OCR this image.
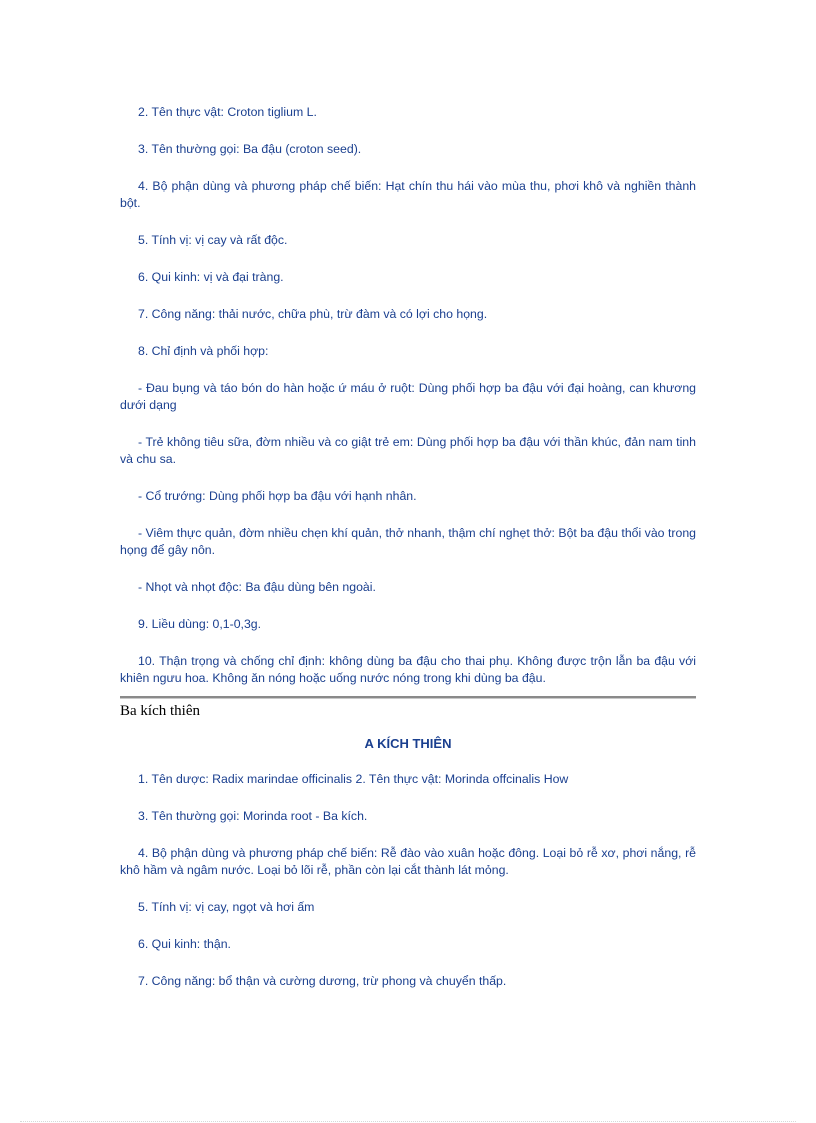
2. Tên thực vật: Croton tiglium L.

3. Tên thường gọi: Ba đậu (croton seed).

4. Bộ phận dùng và phương pháp chế biến: Hạt chín thu hái vào mùa thu, phơi khô và nghiền thành bột.

5. Tính vị: vị cay và rất độc.

6. Qui kinh: vị và đại tràng.

7. Công năng: thải nước, chữa phù, trừ đàm và có lợi cho họng.

8. Chỉ định và phối hợp:

- Đau bụng và táo bón do hàn hoặc ứ máu ở ruột: Dùng phối hợp ba đậu với đại hoàng, can khương dưới dạng

- Trẻ không tiêu sữa, đờm nhiều và co giật trẻ em: Dùng phối hợp ba đậu với thần khúc, đản nam tinh và chu sa.

- Cổ trướng: Dùng phối hợp ba đậu với hạnh nhân.

- Viêm thực quản, đờm nhiều chẹn khí quản, thở nhanh, thậm chí nghẹt thở: Bột ba đậu thổi vào trong họng để gây nôn.

- Nhọt và nhọt độc: Ba đậu dùng bên ngoài.

9. Liều dùng: 0,1-0,3g.

10. Thận trọng và chống chỉ định: không dùng ba đậu cho thai phụ. Không được trộn lẫn ba đậu với khiên ngưu hoa. Không ăn nóng hoặc uống nước nóng trong khi dùng ba đậu.

Ba kích thiên
A KÍCH THIÊN

1. Tên dược: Radix marindae officinalis 2. Tên thực vật: Morinda offcinalis How

3. Tên thường gọi: Morinda root - Ba kích.

4. Bộ phận dùng và phương pháp chế biến: Rễ đào vào xuân hoặc đông. Loại bỏ rễ xơ, phơi nắng, rễ khô hầm và ngâm nước. Loại bỏ lõi rễ, phần còn lại cắt thành lát mỏng.

5. Tính vị: vị cay, ngọt và hơi ấm

6. Qui kinh: thận.

7. Công năng: bổ thận và cường dương, trừ phong và chuyển thấp.
